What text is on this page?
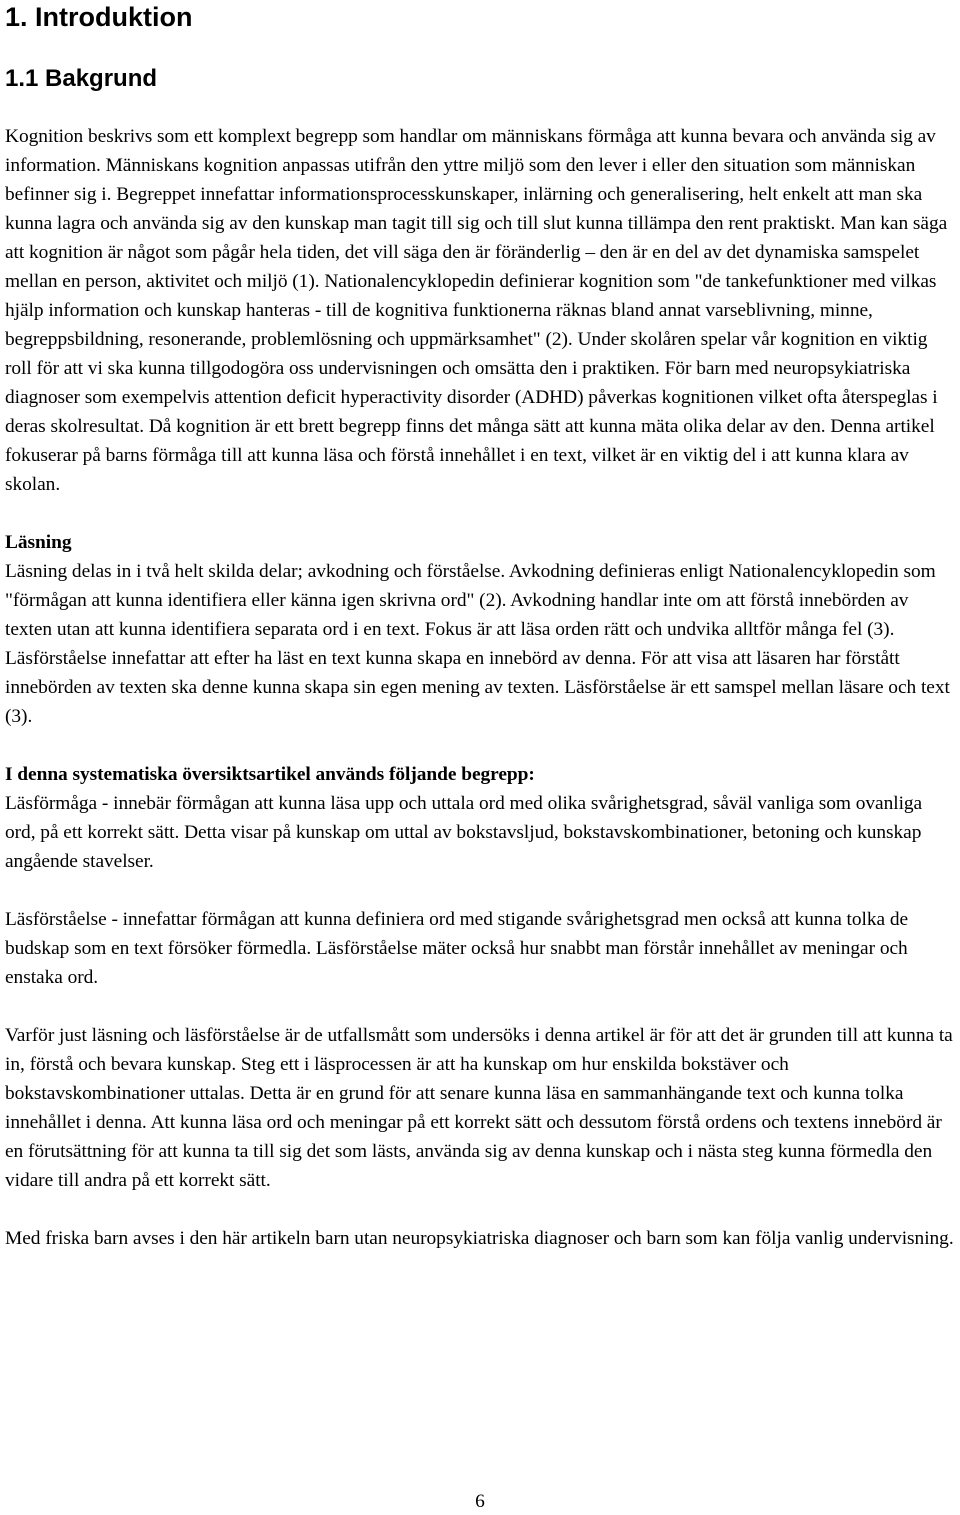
1. Introduktion
1.1 Bakgrund

Kognition beskrivs som ett komplext begrepp som handlar om människans förmåga att kunna bevara och använda sig av information. Människans kognition anpassas utifrån den yttre miljö som den lever i eller den situation som människan befinner sig i. Begreppet innefattar informationsprocesskunskaper, inlärning och generalisering, helt enkelt att man ska kunna lagra och använda sig av den kunskap man tagit till sig och till slut kunna tillämpa den rent praktiskt. Man kan säga att kognition är något som pågår hela tiden, det vill säga den är föränderlig – den är en del av det dynamiska samspelet mellan en person, aktivitet och miljö (1). Nationalencyklopedin definierar kognition som "de tankefunktioner med vilkas hjälp information och kunskap hanteras - till de kognitiva funktionerna räknas bland annat varseblivning, minne, begreppsbildning, resonerande, problemlösning och uppmärksamhet" (2). Under skolåren spelar vår kognition en viktig roll för att vi ska kunna tillgodogöra oss undervisningen och omsätta den i praktiken. För barn med neuropsykiatriska diagnoser som exempelvis attention deficit hyperactivity disorder (ADHD) påverkas kognitionen vilket ofta återspeglas i deras skolresultat. Då kognition är ett brett begrepp finns det många sätt att kunna mäta olika delar av den. Denna artikel fokuserar på barns förmåga till att kunna läsa och förstå innehållet i en text, vilket är en viktig del i att kunna klara av skolan.

Läsning

Läsning delas in i två helt skilda delar; avkodning och förståelse. Avkodning definieras enligt Nationalencyklopedin som "förmågan att kunna identifiera eller känna igen skrivna ord" (2). Avkodning handlar inte om att förstå innebörden av texten utan att kunna identifiera separata ord i en text. Fokus är att läsa orden rätt och undvika alltför många fel (3). Läsförståelse innefattar att efter ha läst en text kunna skapa en innebörd av denna. För att visa att läsaren har förstått innebörden av texten ska denne kunna skapa sin egen mening av texten. Läsförståelse är ett samspel mellan läsare och text (3).

I denna systematiska översiktsartikel används följande begrepp:

Läsförmåga - innebär förmågan att kunna läsa upp och uttala ord med olika svårighetsgrad, såväl vanliga som ovanliga ord, på ett korrekt sätt. Detta visar på kunskap om uttal av bokstavsljud, bokstavskombinationer, betoning och kunskap angående stavelser.

Läsförståelse - innefattar förmågan att kunna definiera ord med stigande svårighetsgrad men också att kunna tolka de budskap som en text försöker förmedla. Läsförståelse mäter också hur snabbt man förstår innehållet av meningar och enstaka ord.

Varför just läsning och läsförståelse är de utfallsmått som undersöks i denna artikel är för att det är grunden till att kunna ta in, förstå och bevara kunskap. Steg ett i läsprocessen är att ha kunskap om hur enskilda bokstäver och bokstavskombinationer uttalas. Detta är en grund för att senare kunna läsa en sammanhängande text och kunna tolka innehållet i denna. Att kunna läsa ord och meningar på ett korrekt sätt och dessutom förstå ordens och textens innebörd är en förutsättning för att kunna ta till sig det som lästs, använda sig av denna kunskap och i nästa steg kunna förmedla den vidare till andra på ett korrekt sätt.

Med friska barn avses i den här artikeln barn utan neuropsykiatriska diagnoser och barn som kan följa vanlig undervisning.

6
